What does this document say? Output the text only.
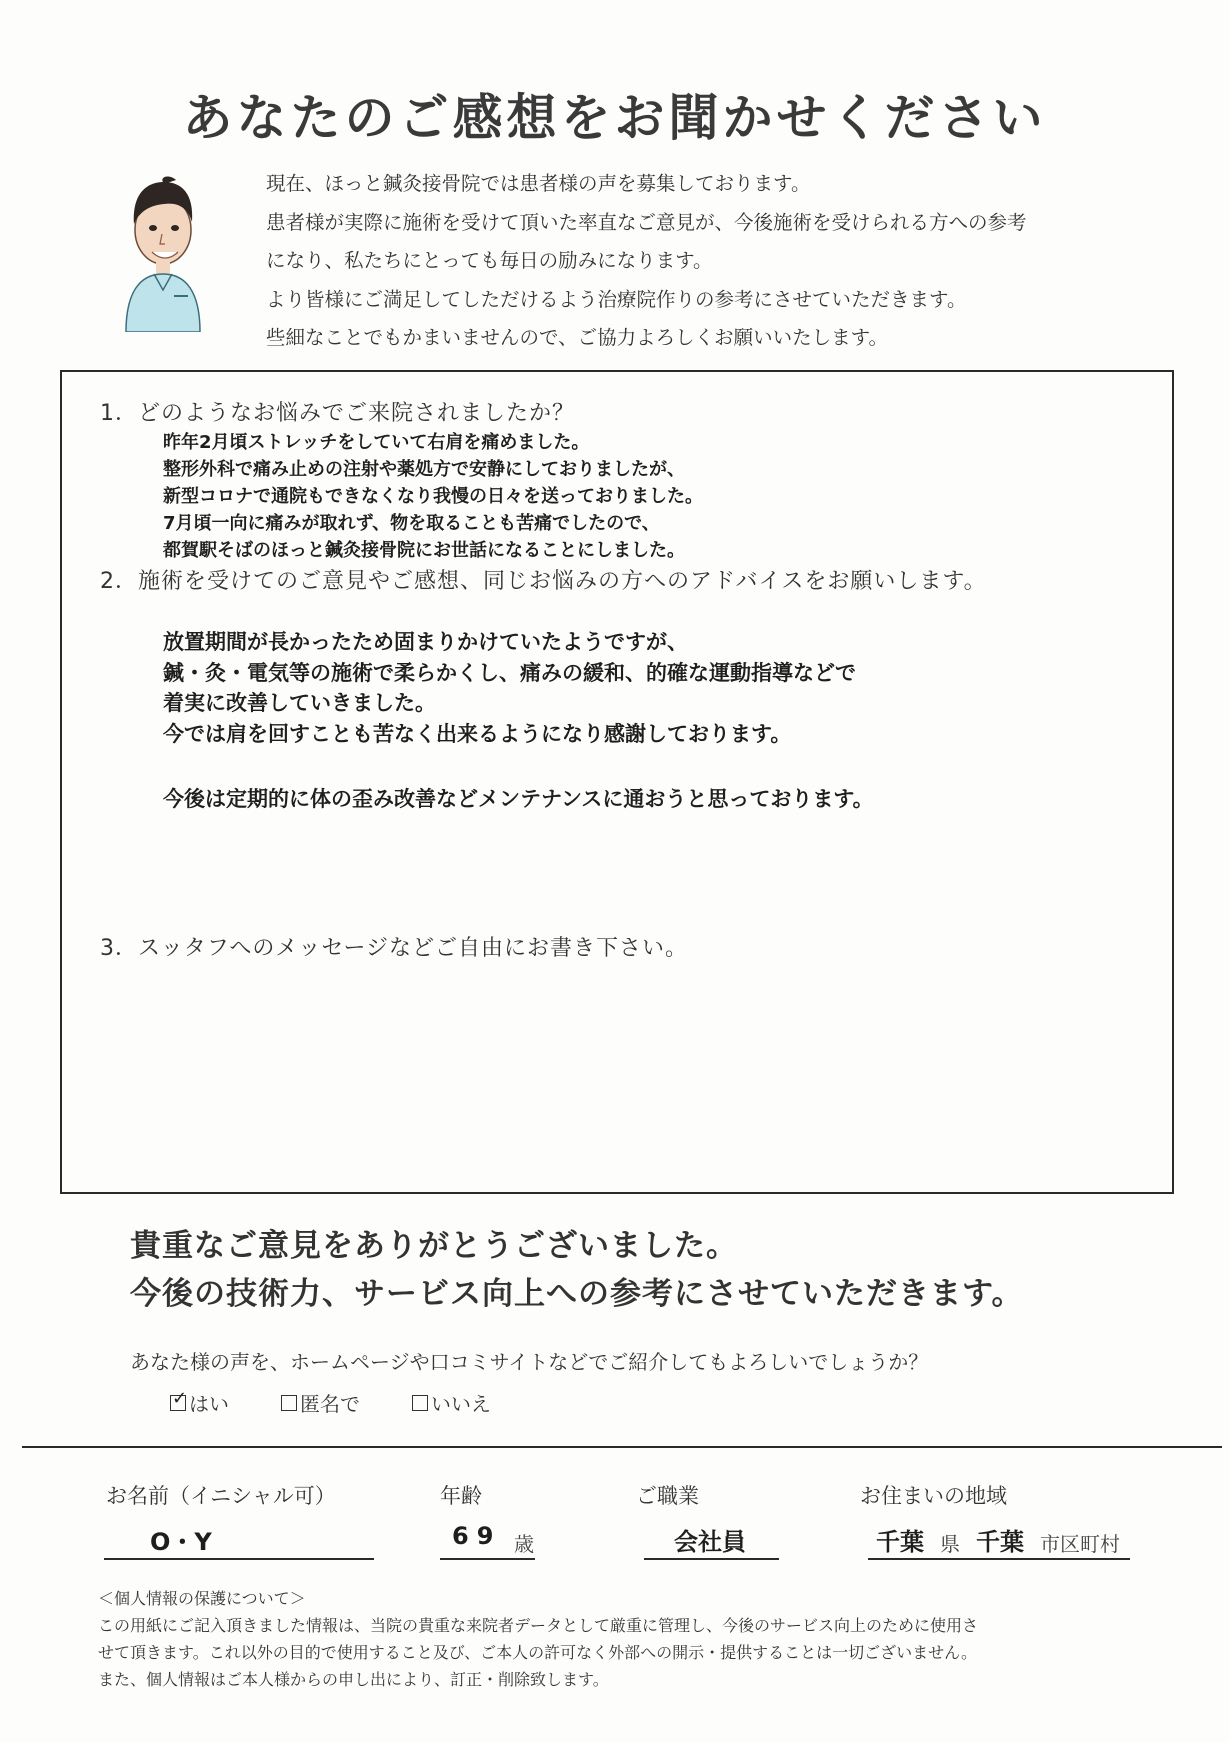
あなたのご感想をお聞かせください
現在、ほっと鍼灸接骨院では患者様の声を募集しております。
患者様が実際に施術を受けて頂いた率直なご意見が、今後施術を受けられる方への参考
になり、私たちにとっても毎日の励みになります。
より皆様にご満足してしただけるよう治療院作りの参考にさせていただきます。
些細なことでもかまいませんので、ご協力よろしくお願いいたします。
1．どのようなお悩みでご来院されましたか？
昨年2月頃ストレッチをしていて右肩を痛めました。
整形外科で痛み止めの注射や薬処方で安静にしておりましたが、
新型コロナで通院もできなくなり我慢の日々を送っておりました。
7月頃一向に痛みが取れず、物を取ることも苦痛でしたので、
都賀駅そばのほっと鍼灸接骨院にお世話になることにしました。
2．施術を受けてのご意見やご感想、同じお悩みの方へのアドバイスをお願いします。
放置期間が長かったため固まりかけていたようですが、
鍼・灸・電気等の施術で柔らかくし、痛みの緩和、的確な運動指導などで
着実に改善していきました。
今では肩を回すことも苦なく出来るようになり感謝しております。
今後は定期的に体の歪み改善などメンテナンスに通おうと思っております。
3．スッタフへのメッセージなどご自由にお書き下さい。
貴重なご意見をありがとうございました。
今後の技術力、サービス向上への参考にさせていただきます。
あなた様の声を、ホームページや口コミサイトなどでご紹介してもよろしいでしょうか？
✓ はい	匿名で	いいえ
お名前（イニシャル可）
O・Y
年齢
69 歳
ご職業
会社員
お住まいの地域
千葉 県 千葉 市区町村
＜個人情報の保護について＞
この用紙にご記入頂きました情報は、当院の貴重な来院者データとして厳重に管理し、今後のサービス向上のために使用さ
せて頂きます。これ以外の目的で使用すること及び、ご本人の許可なく外部への開示・提供することは一切ございません。
また、個人情報はご本人様からの申し出により、訂正・削除致します。
